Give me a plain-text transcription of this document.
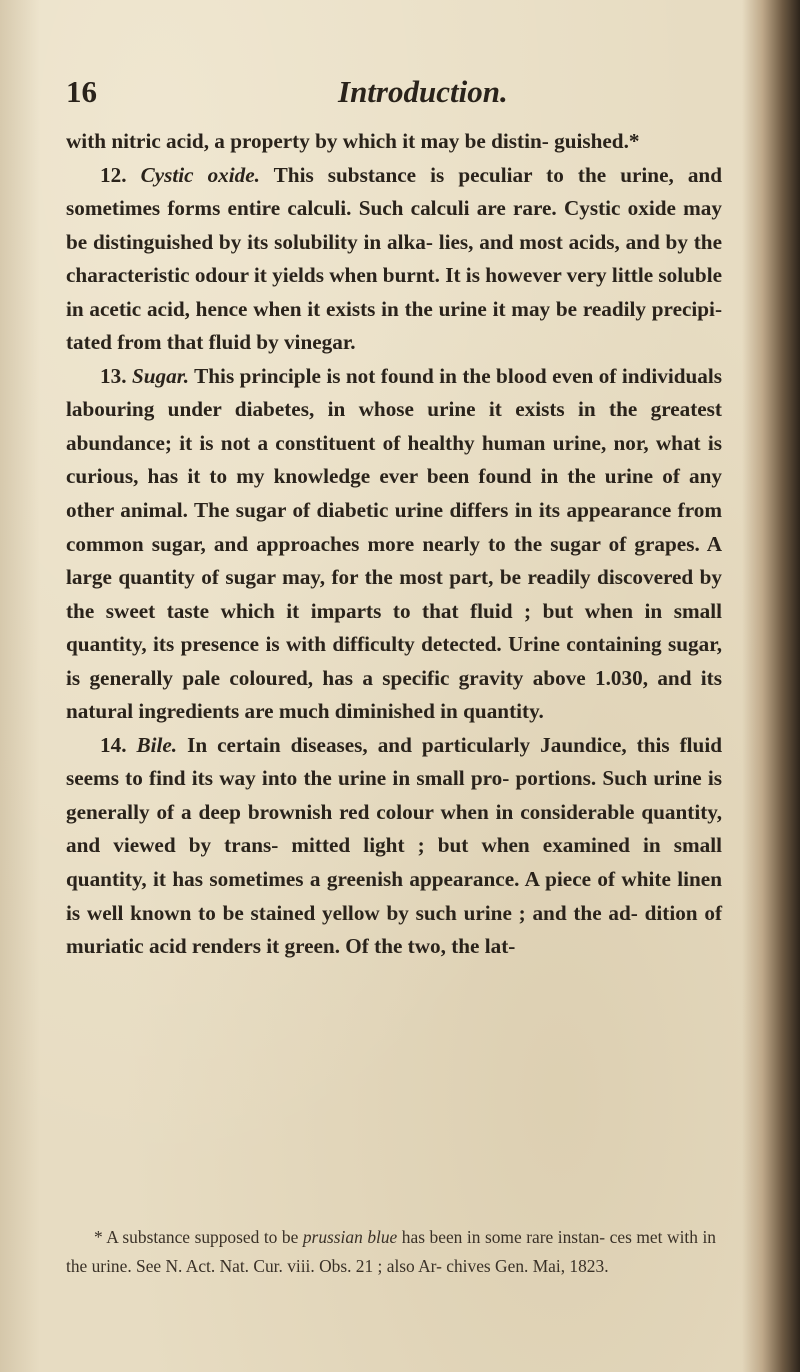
16	Introduction.

with nitric acid, a property by which it may be distin- guished.*

12. Cystic oxide. This substance is peculiar to the urine, and sometimes forms entire calculi. Such calculi are rare. Cystic oxide may be distinguished by its solubility in alka- lies, and most acids, and by the characteristic odour it yields when burnt. It is however very little soluble in acetic acid, hence when it exists in the urine it may be readily precipi- tated from that fluid by vinegar.

13. Sugar. This principle is not found in the blood even of individuals labouring under diabetes, in whose urine it exists in the greatest abundance; it is not a constituent of healthy human urine, nor, what is curious, has it to my knowledge ever been found in the urine of any other animal. The sugar of diabetic urine differs in its appearance from common sugar, and approaches more nearly to the sugar of grapes. A large quantity of sugar may, for the most part, be readily discovered by the sweet taste which it imparts to that fluid ; but when in small quantity, its presence is with difficulty detected. Urine containing sugar, is generally pale coloured, has a specific gravity above 1.030, and its natural ingredients are much diminished in quantity.

14. Bile. In certain diseases, and particularly Jaundice, this fluid seems to find its way into the urine in small pro- portions. Such urine is generally of a deep brownish red colour when in considerable quantity, and viewed by trans- mitted light ; but when examined in small quantity, it has sometimes a greenish appearance. A piece of white linen is well known to be stained yellow by such urine ; and the ad- dition of muriatic acid renders it green. Of the two, the lat-

* A substance supposed to be prussian blue has been in some rare instan- ces met with in the urine. See N. Act. Nat. Cur. viii. Obs. 21 ; also Ar- chives Gen. Mai, 1823.
